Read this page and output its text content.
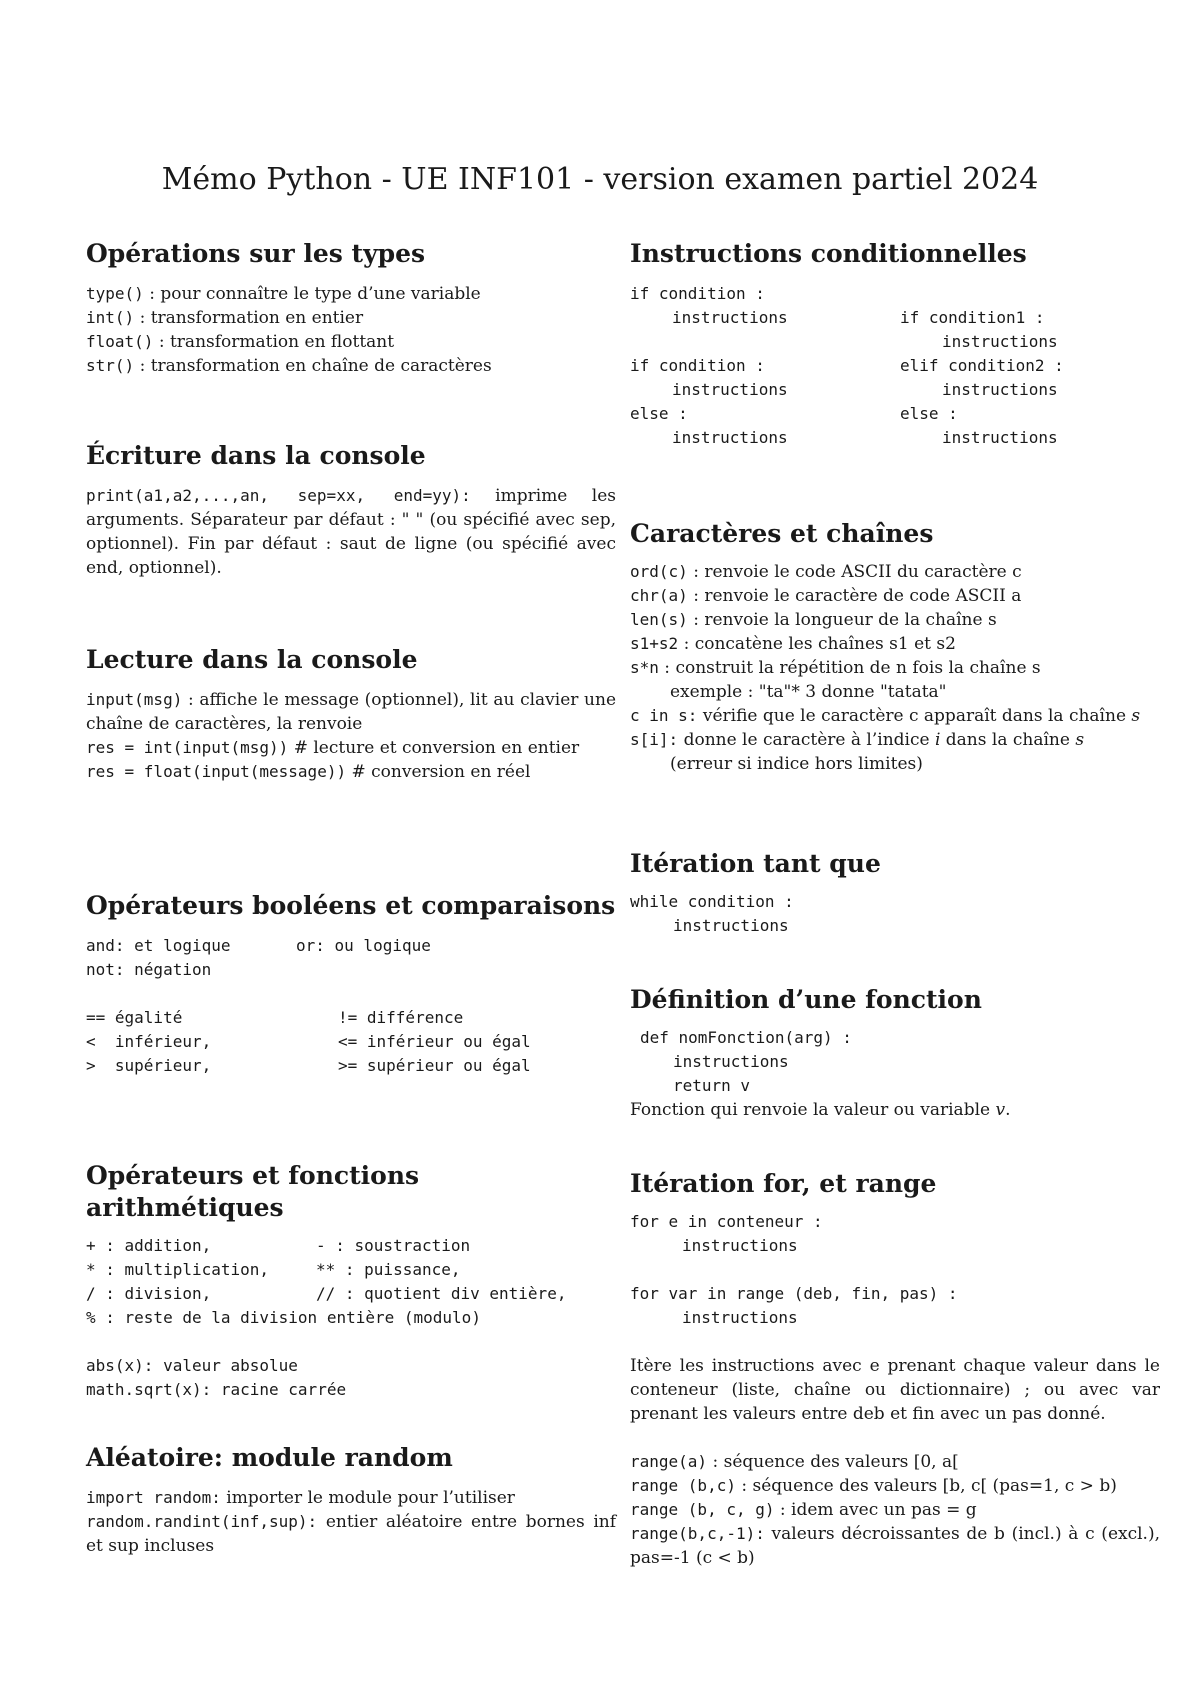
Mémo Python - UE INF101 - version examen partiel 2024
Opérations sur les types
type() : pour connaître le type d’une variable
int() : transformation en entier
float() : transformation en flottant
str() : transformation en chaîne de caractères
Écriture dans la console

print(a1,a2,...,an, sep=xx, end=yy): imprime les arguments. Séparateur par défaut : " " (ou spécifié avec sep, optionnel). Fin par défaut : saut de ligne (ou spécifié avec end, optionnel).

Lecture dans la console

input(msg) : affiche le message (optionnel), lit au clavier une chaîne de caractères, la renvoie

res = int(input(msg)) # lecture et conversion en entier
res = float(input(message)) # conversion en réel
Opérateurs booléens et comparaisons
and: et logique	or: ou logique
not: négation
== égalité	!= différence
<  inférieur,	<= inférieur ou égal
>  supérieur,	>= supérieur ou égal
Opérateurs et fonctions arithmétiques
+ : addition,	- : soustraction
* : multiplication,	** : puissance,
/ : division,	// : quotient div entière,
% : reste de la division entière (modulo)
abs(x): valeur absolue
math.sqrt(x): racine carrée
Aléatoire: module random
import random: importer le module pour l’utiliser

random.randint(inf,sup): entier aléatoire entre bornes inf et sup incluses

Instructions conditionnelles
if condition :
instructions
if condition :
instructions
else :
instructions
if condition1 :
instructions
elif condition2 :
instructions
else :
instructions
Caractères et chaînes
ord(c) : renvoie le code ASCII du caractère c
chr(a) : renvoie le caractère de code ASCII a
len(s) : renvoie la longueur de la chaîne s
s1+s2 : concatène les chaînes s1 et s2
s*n : construit la répétition de n fois la chaîne s
exemple : "ta"* 3 donne "tatata"
c in s: vérifie que le caractère c apparaît dans la chaîne s
s[i]: donne le caractère à l’indice i dans la chaîne s
(erreur si indice hors limites)
Itération tant que
while condition :
instructions
Définition d’une fonction
def nomFonction(arg) :
instructions
return v
Fonction qui renvoie la valeur ou variable v.
Itération for, et range
for e in conteneur :
instructions
for var in range (deb, fin, pas) :
instructions

Itère les instructions avec e prenant chaque valeur dans le conteneur (liste, chaîne ou dictionnaire) ; ou avec var prenant les valeurs entre deb et fin avec un pas donné.

range(a) : séquence des valeurs [0, a[
range (b,c) : séquence des valeurs [b, c[ (pas=1, c > b)
range (b, c, g) : idem avec un pas = g

range(b,c,-1): valeurs décroissantes de b (incl.) à c (excl.), pas=-1 (c < b)
